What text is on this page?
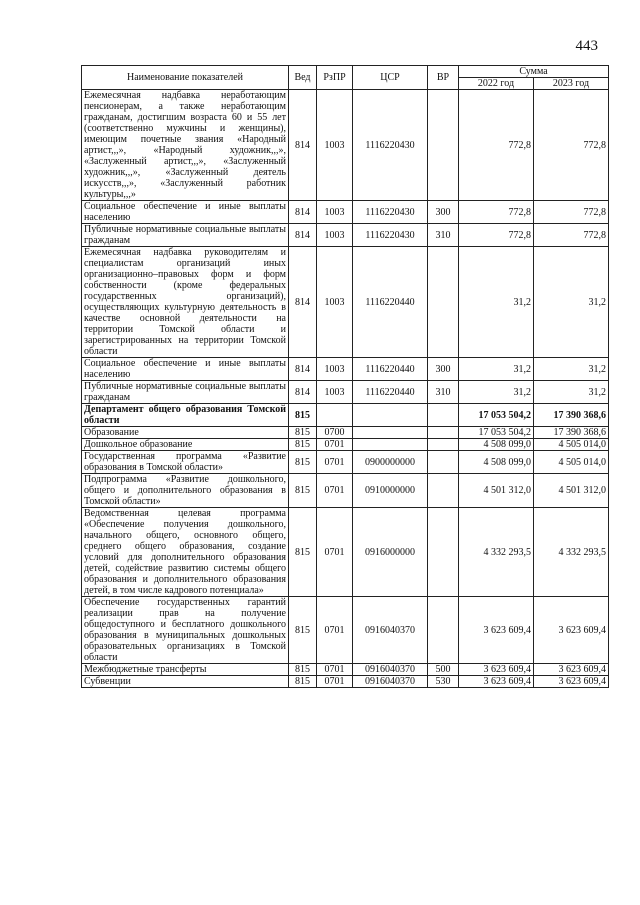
443
Наименование показателей	Вед	РзПР	ЦСР	ВР	Сумма	
					2022 год	2023 год
Ежемесячная надбавка неработающим пенсионерам, а также неработающим гражданам, достигшим возраста 60 и 55 лет (соответственно мужчины и женщины), имеющим почетные звания «Народный артист,,,», «Народный художник,,,», «Заслуженный артист,,,», «Заслуженный художник,,,», «Заслуженный деятель искусств,,,», «Заслуженный работник культуры,,,»	814	1003	1116220430		772,8	772,8
Социальное обеспечение и иные выплаты населению	814	1003	1116220430	300	772,8	772,8
Публичные нормативные социальные выплаты гражданам	814	1003	1116220430	310	772,8	772,8
Ежемесячная надбавка руководителям и специалистам организаций иных организационно–правовых форм и форм собственности (кроме федеральных государственных организаций), осуществляющих культурную деятельность в качестве основной деятельности на территории Томской области и зарегистрированных на территории Томской области	814	1003	1116220440		31,2	31,2
Социальное обеспечение и иные выплаты населению	814	1003	1116220440	300	31,2	31,2
Публичные нормативные социальные выплаты гражданам	814	1003	1116220440	310	31,2	31,2
Департамент общего образования Томской области	815				17 053 504,2	17 390 368,6
Образование	815	0700			17 053 504,2	17 390 368,6
Дошкольное образование	815	0701			4 508 099,0	4 505 014,0
Государственная программа «Развитие образования в Томской области»	815	0701	0900000000		4 508 099,0	4 505 014,0
Подпрограмма «Развитие дошкольного, общего и дополнительного образования в Томской области»	815	0701	0910000000		4 501 312,0	4 501 312,0
Ведомственная целевая программа «Обеспечение получения дошкольного, начального общего, основного общего, среднего общего образования, создание условий для дополнительного образования детей, содействие развитию системы общего образования и дополнительного образования детей, в том числе кадрового потенциала»	815	0701	0916000000		4 332 293,5	4 332 293,5
Обеспечение государственных гарантий реализации прав на получение общедоступного и бесплатного дошкольного образования в муниципальных дошкольных образовательных организациях в Томской области	815	0701	0916040370		3 623 609,4	3 623 609,4
Межбюджетные трансферты	815	0701	0916040370	500	3 623 609,4	3 623 609,4
Субвенции	815	0701	0916040370	530	3 623 609,4	3 623 609,4
